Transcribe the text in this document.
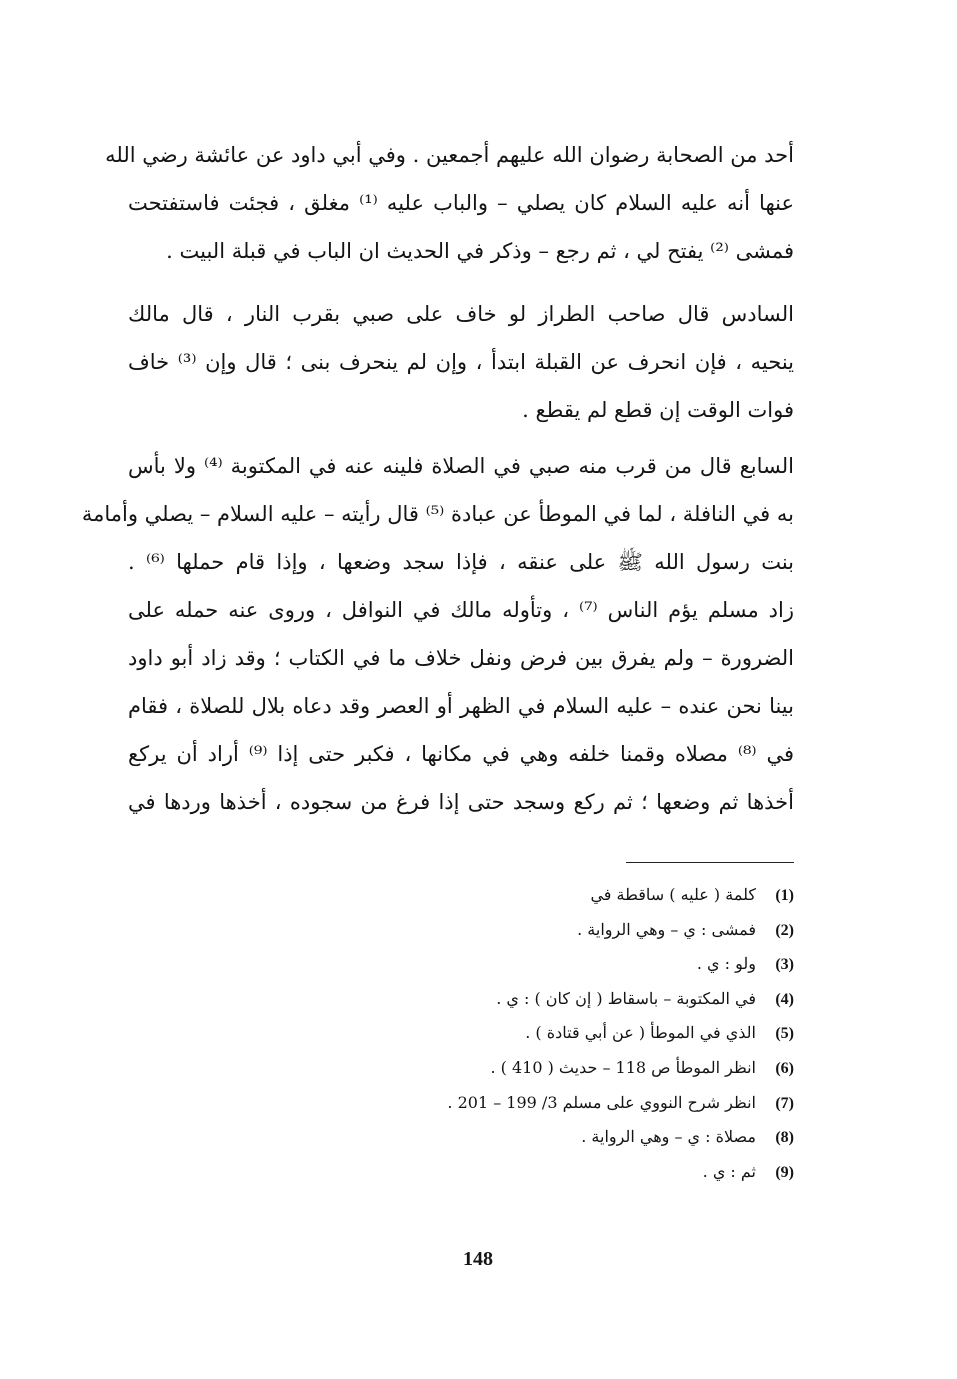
أحد من الصحابة رضوان الله عليهم أجمعين . وفي أبي داود عن عائشة رضي الله
عنها أنه عليه السلام كان يصلي – والباب عليه ⁽¹⁾ مغلق ، فجئت فاستفتحت
فمشى ⁽²⁾ يفتح لي ، ثم رجع – وذكر في الحديث ان الباب في قبلة البيت .
السادس قال صاحب الطراز لو خاف على صبي بقرب النار ، قال مالك
ينحيه ، فإن انحرف عن القبلة ابتدأ ، وإن لم ينحرف بنى ؛ قال وإن ⁽³⁾ خاف
فوات الوقت إن قطع لم يقطع .
السابع قال من قرب منه صبي في الصلاة فلينه عنه في المكتوبة ⁽⁴⁾ ولا بأس
به في النافلة ، لما في الموطأ عن عبادة ⁽⁵⁾ قال رأيته – عليه السلام – يصلي وأمامة
بنت رسول الله ﷺ على عنقه ، فإذا سجد وضعها ، وإذا قام حملها ⁽⁶⁾ .
زاد مسلم يؤم الناس ⁽⁷⁾ ، وتأوله مالك في النوافل ، وروى عنه حمله على
الضرورة – ولم يفرق بين فرض ونفل خلاف ما في الكتاب ؛ وقد زاد أبو داود
بينا نحن عنده – عليه السلام في الظهر أو العصر وقد دعاه بلال للصلاة ، فقام
في ⁽⁸⁾ مصلاه وقمنا خلفه وهي في مكانها ، فكبر حتى إذا ⁽⁹⁾ أراد أن يركع
أخذها ثم وضعها ؛ ثم ركع وسجد حتى إذا فرغ من سجوده ، أخذها وردها في
(1)كلمة ( عليه ) ساقطة في
(2)فمشى : ي – وهي الرواية .
(3)ولو : ي .
(4)في المكتوبة – باسقاط ( إن كان ) : ي .
(5)الذي في الموطأ ( عن أبي قتادة ) .
(6)انظر الموطأ ص 118 – حديث ( 410 ) .
(7)انظر شرح النووي على مسلم 3/ 199 – 201 .
(8)مصلاة : ي – وهي الرواية .
(9)ثم : ي .
148
